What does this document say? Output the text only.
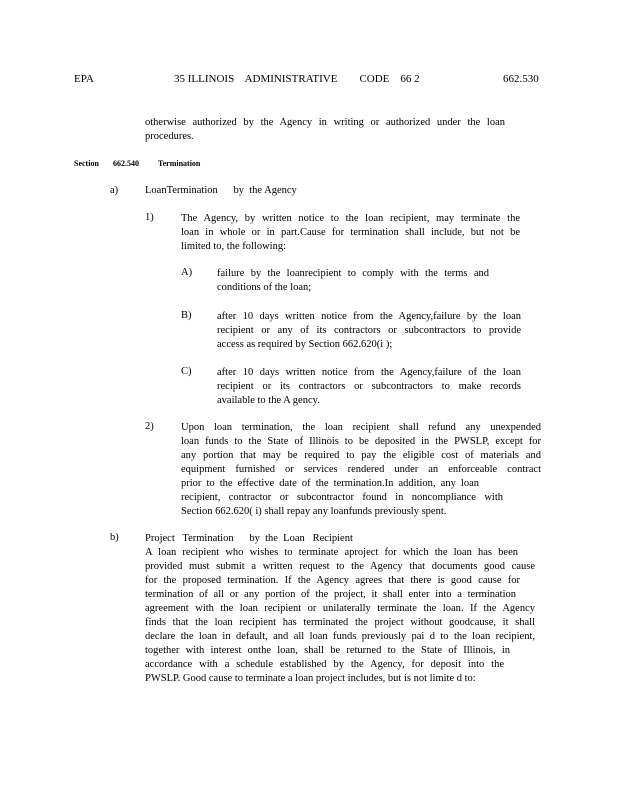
EPA	35 ILLINOIS    ADMINISTRATIVE        CODE    66 2	662.530
otherwise authorized by the Agency in writing or authorized under the loan
procedures.
Section 662.540 Termination
a)	LoanTermination      by  the Agency
1)	The Agency, by written notice to the loan recipient, may terminate the
loan in whole or in part.Cause for termination shall include, but not be
limited to, the following:
A) failure by the loanrecipient to comply with the terms and
conditions of the loan;
B) after 10 days written notice from the Agency,failure by the loan
recipient or any of its contractors or subcontractors to provide
access as required by Section 662.620(i );
C) after 10 days written notice from the Agency,failure of the loan
recipient or its contractors or subcontractors to make records
available to the A gency.
2)	Upon loan termination, the loan recipient shall refund any unexpended
loan funds to the State of Illinois to be deposited in the PWSLP, except for
any portion that may be required to pay the eligible cost of materials and
equipment furnished or services rendered under an enforceable contract
prior to the effective date of the termination.In addition, any loan
recipient, contractor or subcontractor found in noncompliance with
Section 662.620( i) shall repay any loanfunds previously spent.
b)	Project   Termination      by  the  Loan   Recipient
A loan recipient who wishes to terminate aproject for which the loan has been
provided must submit a written request to the Agency that documents good cause
for the proposed termination. If the Agency agrees that there is good cause for
termination of all or any portion of the project, it shall enter into a termination
agreement with the loan recipient or unilaterally terminate the loan. If the Agency
finds that the loan recipient has terminated the project without goodcause, it shall
declare the loan in default, and all loan funds previously pai d to the loan recipient,
together with interest onthe loan, shall be returned to the State of Illinois, in
accordance with a schedule established by the Agency, for deposit into the
PWSLP. Good cause to terminate a loan project includes, but is not limite d to:
